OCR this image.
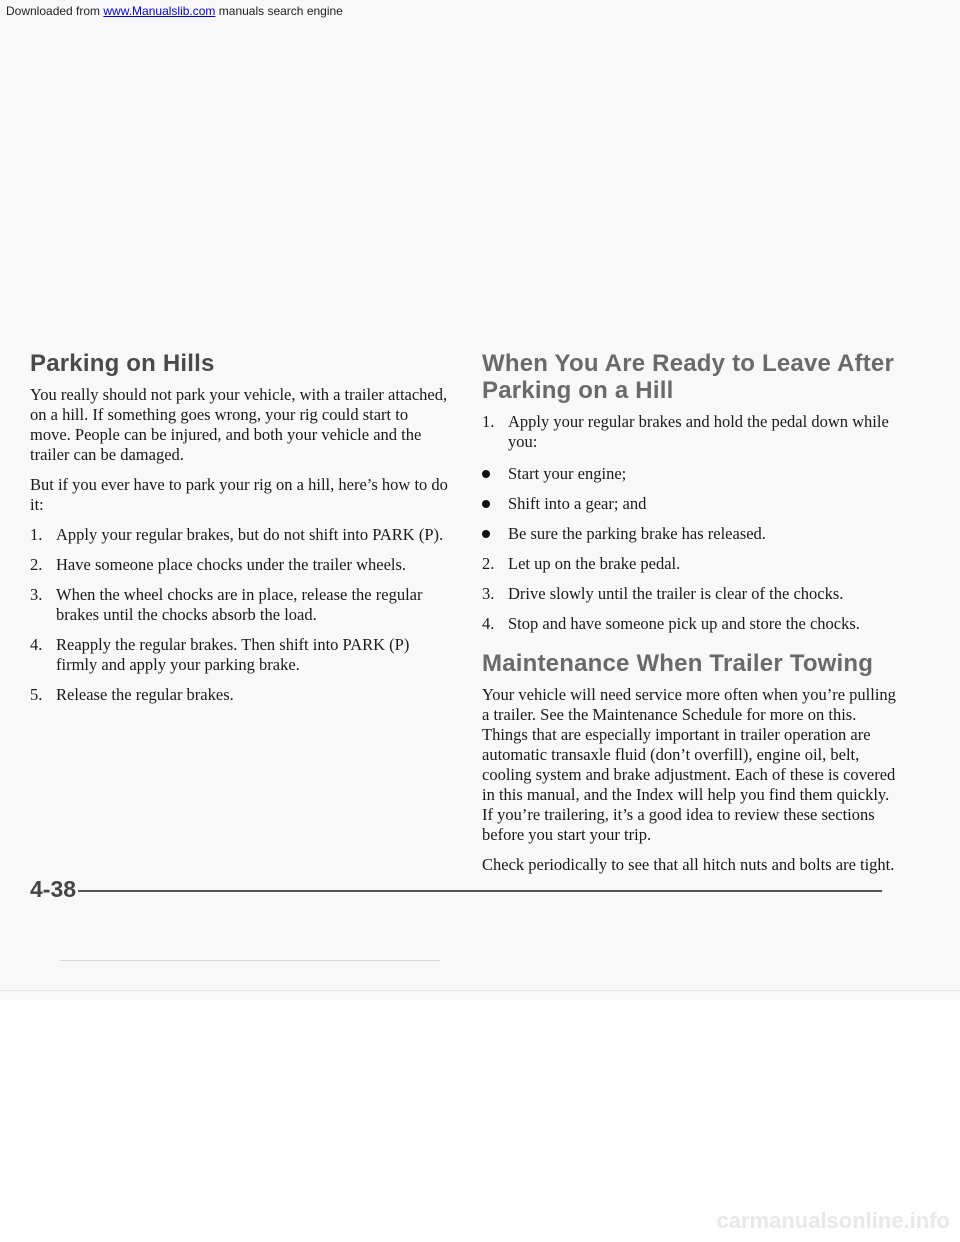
Downloaded from www.Manualslib.com manuals search engine
Parking on Hills

You really should not park your vehicle, with a trailer attached, on a hill. If something goes wrong, your rig could start to move. People can be injured, and both your vehicle and the trailer can be damaged.

But if you ever have to park your rig on a hill, here’s how to do it:

1. Apply your regular brakes, but do not shift into PARK (P).
2. Have someone place chocks under the trailer wheels.
3. When the wheel chocks are in place, release the regular brakes until the chocks absorb the load.
4. Reapply the regular brakes. Then shift into PARK (P) firmly and apply your parking brake.
5. Release the regular brakes.
When You Are Ready to Leave After Parking on a Hill
1. Apply your regular brakes and hold the pedal down while you:
Start your engine;
Shift into a gear; and
Be sure the parking brake has released.
2. Let up on the brake pedal.
3. Drive slowly until the trailer is clear of the chocks.
4. Stop and have someone pick up and store the chocks.
Maintenance When Trailer Towing

Your vehicle will need service more often when you’re pulling a trailer. See the Maintenance Schedule for more on this. Things that are especially important in trailer operation are automatic transaxle fluid (don’t overfill), engine oil, belt, cooling system and brake adjustment. Each of these is covered in this manual, and the Index will help you find them quickly. If you’re trailering, it’s a good idea to review these sections before you start your trip.

Check periodically to see that all hitch nuts and bolts are tight.

4-38
carmanualsonline.info
